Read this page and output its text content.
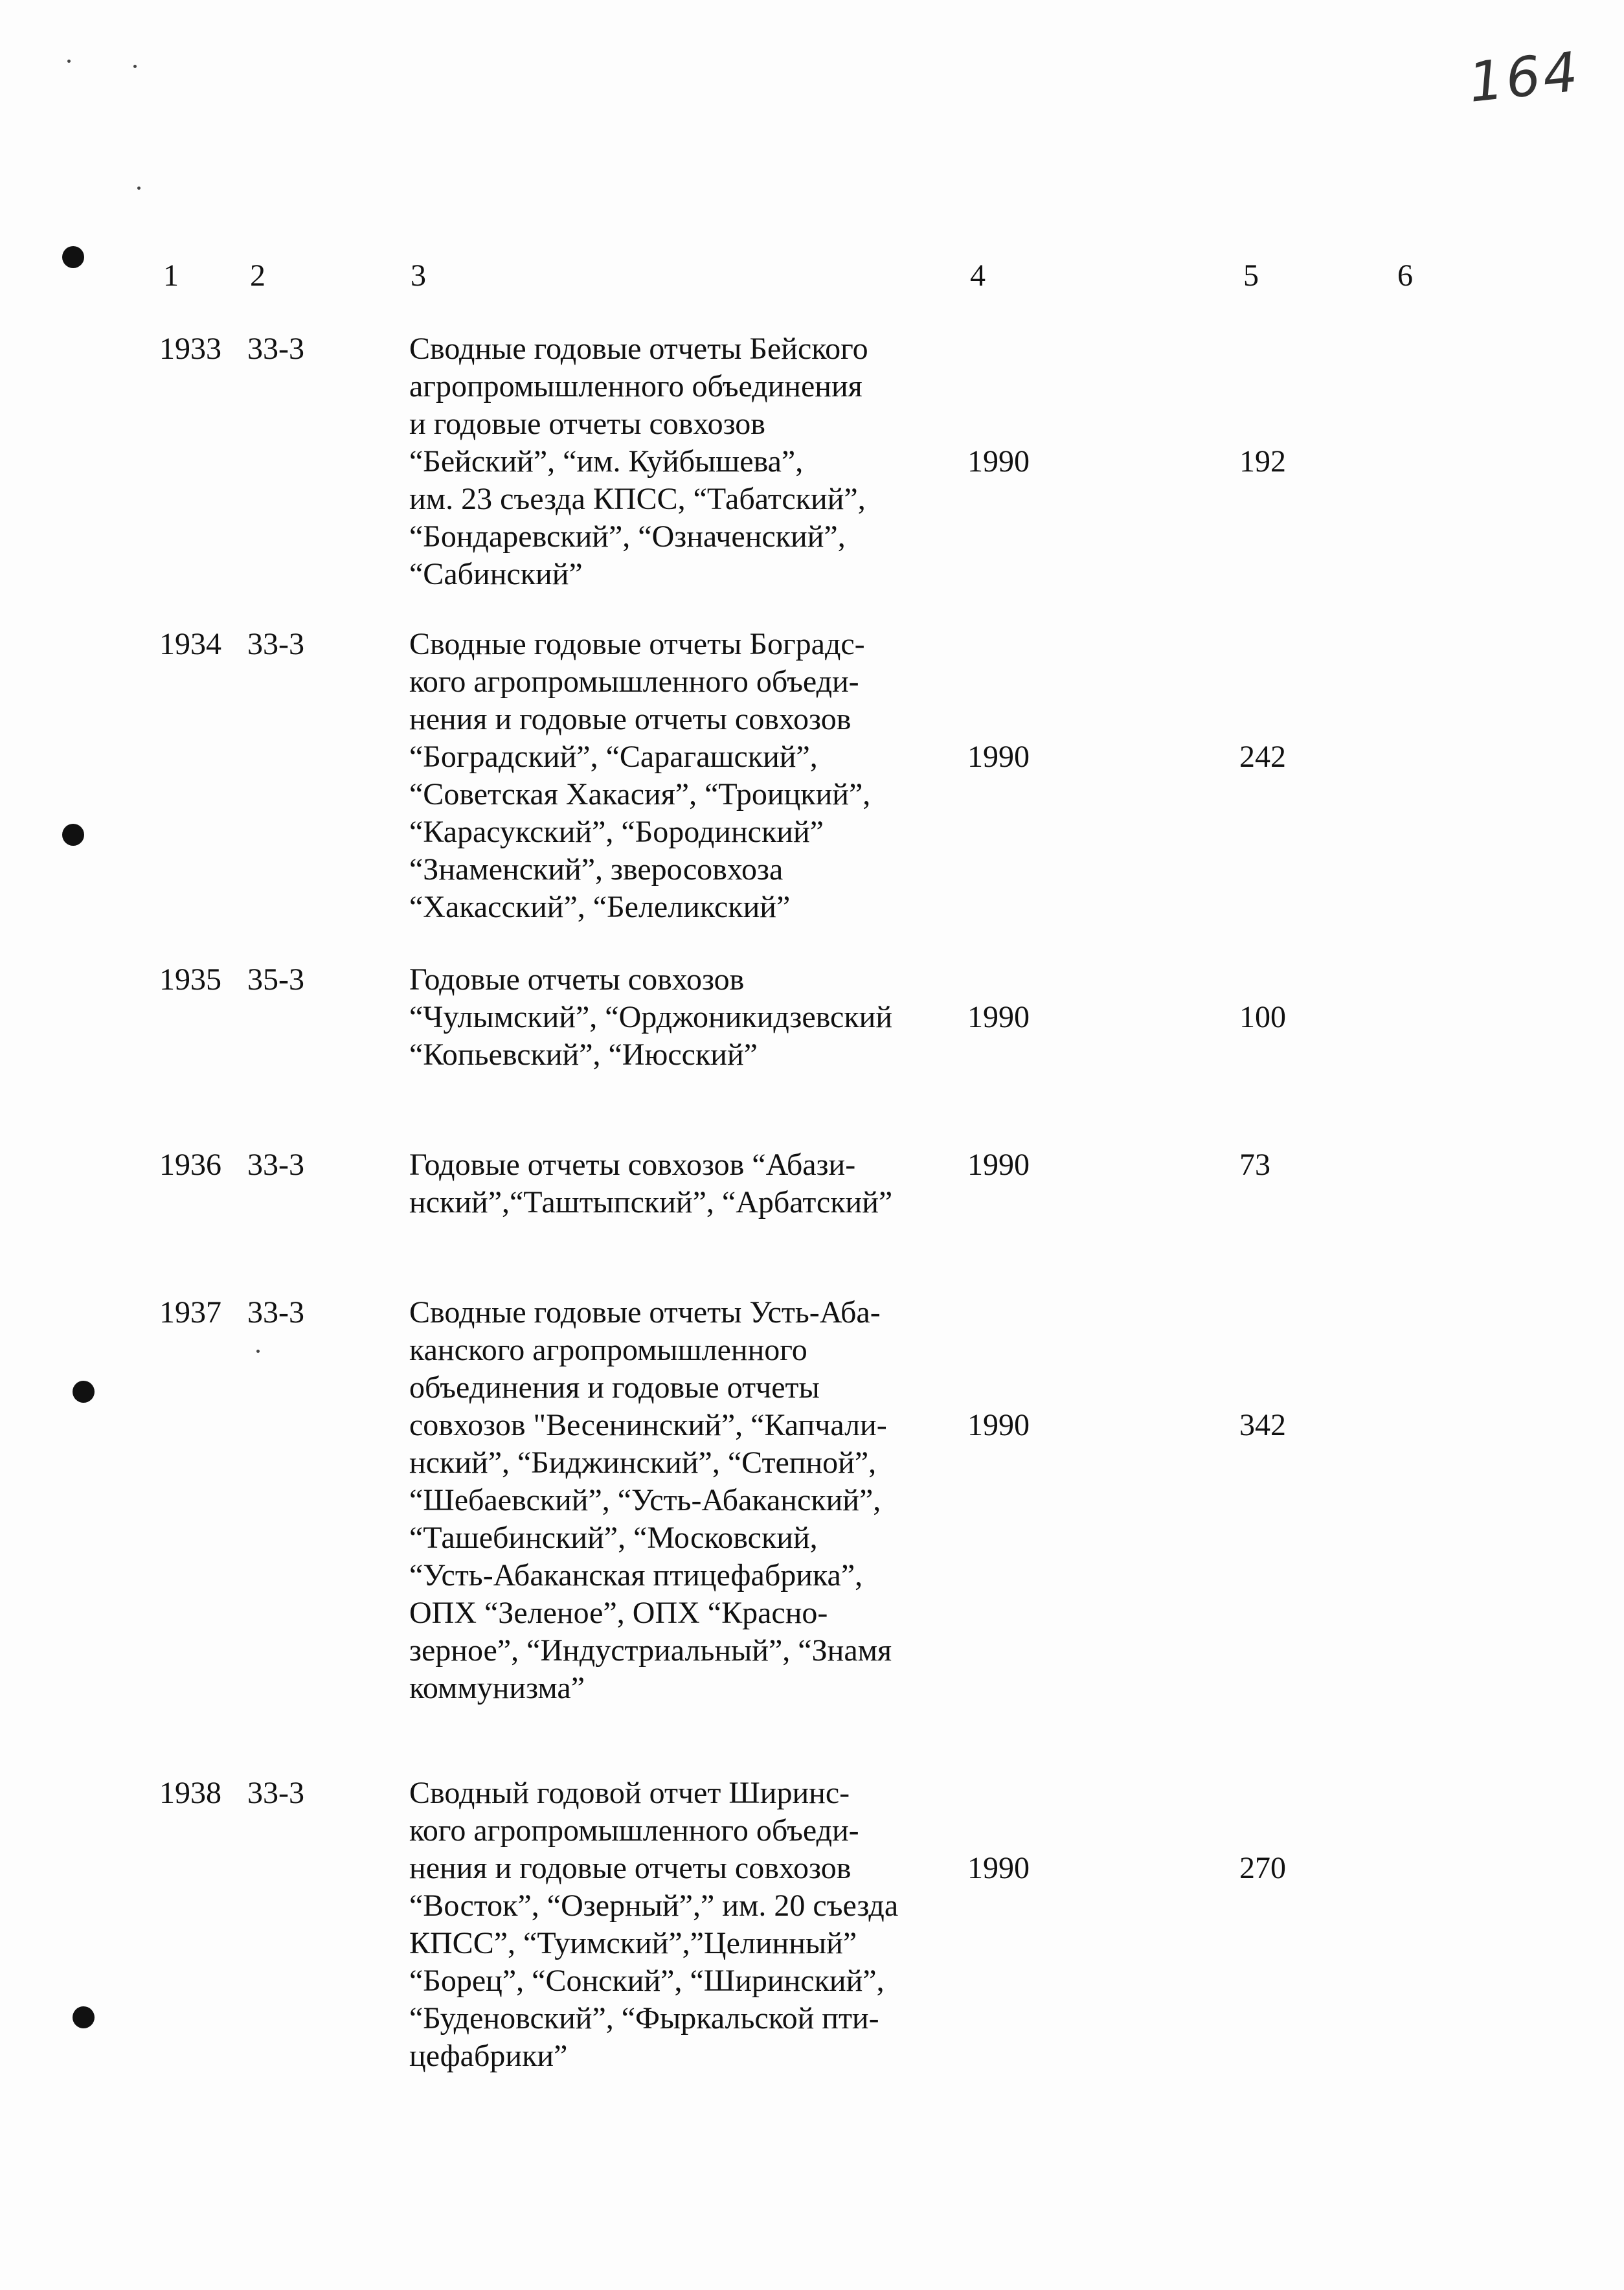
164
1 2	3	4	5	6
1933 33-3	Сводные годовые отчеты Бейского
агропромышленного объединения
и годовые отчеты совхозов
“Бейский”, “им. Куйбышева”,
им. 23 съезда КПСС, “Табатский”,
“Бондаревский”, “Означенский”,
“Сабинский”
1990	192
1934 33-3	Сводные годовые отчеты Боградс-
кого агропромышленного объеди-
нения и годовые отчеты совхозов
“Боградский”, “Сарагашский”,
“Советская Хакасия”, “Троицкий”,
“Карасукский”, “Бородинский”
“Знаменский”, зверосовхоза
“Хакасский”, “Белеликский”
1990	242
1935 35-3	Годовые отчеты совхозов
“Чулымский”, “Орджоникидзевский
“Копьевский”, “Июсский”
1990	100
1936 33-3	Годовые отчеты совхозов “Абази-
нский”,“Таштыпский”, “Арбатский”
1990	73
1937 33-3	Сводные годовые отчеты Усть-Аба-
канского агропромышленного
объединения и годовые отчеты
совхозов "Весенинский”, “Капчали-
нский”, “Биджинский”, “Степной”,
“Шебаевский”, “Усть-Абаканский”,
“Ташебинский”, “Московский,
“Усть-Абаканская птицефабрика”,
ОПХ “Зеленое”, ОПХ “Красно-
зерное”, “Индустриальный”, “Знамя
коммунизма”
1990	342
1938 33-3	Сводный годовой отчет Ширинс-
кого агропромышленного объеди-
нения и годовые отчеты совхозов
“Восток”, “Озерный”,” им. 20 съезда
КПСС”, “Туимский”,”Целинный”
“Борец”, “Сонский”, “Ширинский”,
“Буденовский”, “Фыркальской пти-
цефабрики”
1990	270
